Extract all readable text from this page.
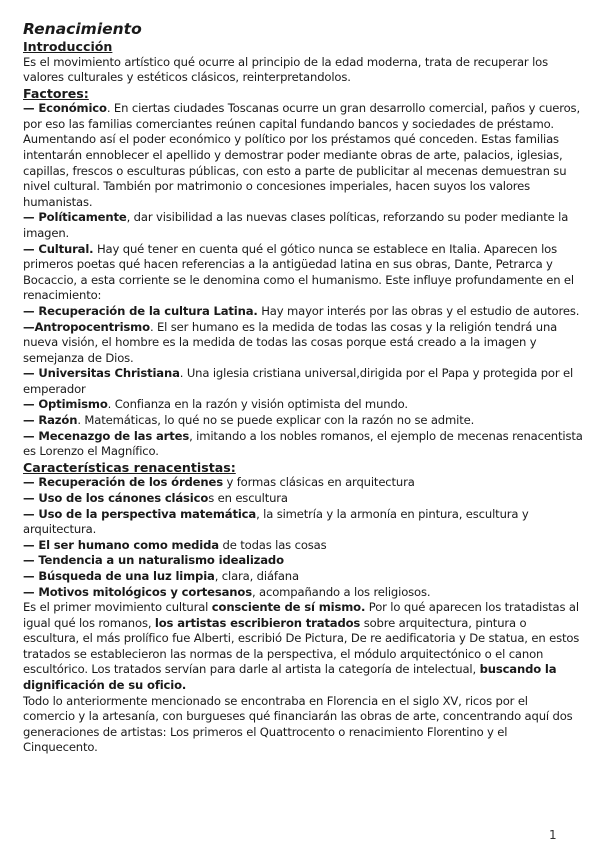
Renacimiento
Introducción

Es el movimiento artístico qué ocurre al principio de la edad moderna, trata de recuperar los valores culturales y estéticos clásicos, reinterpretandolos.

Factores:

— Económico. En ciertas ciudades Toscanas ocurre un gran desarrollo comercial, paños y cueros, por eso las familias comerciantes reúnen capital fundando bancos y sociedades de préstamo. Aumentando así el poder económico y político por los préstamos qué conceden. Estas familias intentarán ennoblecer el apellido y demostrar poder mediante obras de arte, palacios, iglesias, capillas, frescos o esculturas públicas, con esto a parte de publicitar al mecenas demuestran su nivel cultural. También por matrimonio o concesiones imperiales, hacen suyos los valores humanistas.

— Políticamente, dar visibilidad a las nuevas clases políticas, reforzando su poder mediante la imagen.

— Cultural. Hay qué tener en cuenta qué el gótico nunca se establece en Italia. Aparecen los primeros poetas qué hacen referencias a la antigüedad latina en sus obras, Dante, Petrarca y Bocaccio, a esta corriente se le denomina como el humanismo. Este influye profundamente en el renacimiento:

— Recuperación de la cultura Latina. Hay mayor interés por las obras y el estudio de autores.

—Antropocentrismo. El ser humano es la medida de todas las cosas y la religión tendrá una nueva visión, el hombre es la medida de todas las cosas porque está creado a la imagen y semejanza de Dios.

— Universitas Christiana. Una iglesia cristiana universal,dirigida por el Papa y protegida por el emperador

— Optimismo. Confianza en la razón y visión optimista del mundo.

— Razón. Matemáticas, lo qué no se puede explicar con la razón no se admite.

— Mecenazgo de las artes, imitando a los nobles romanos, el ejemplo de mecenas renacentista es Lorenzo el Magnífico.

Características renacentistas:

— Recuperación de los órdenes y formas clásicas en arquitectura

— Uso de los cánones clásicos en escultura

— Uso de la perspectiva matemática, la simetría y la armonía en pintura, escultura y arquitectura.

— El ser humano como medida de todas las cosas

— Tendencia a un naturalismo idealizado

— Búsqueda de una luz limpia, clara, diáfana

— Motivos mitológicos y cortesanos, acompañando a los religiosos.

Es el primer movimiento cultural consciente de sí mismo. Por lo qué aparecen los tratadistas al igual qué los romanos, los artistas escribieron tratados sobre arquitectura, pintura o escultura, el más prolífico fue Alberti, escribió De Pictura, De re aedificatoria y De statua, en estos tratados se establecieron las normas de la perspectiva, el módulo arquitectónico o el canon escultórico. Los tratados servían para darle al artista la categoría de intelectual, buscando la dignificación de su oficio.

Todo lo anteriormente mencionado se encontraba en Florencia en el siglo XV, ricos por el comercio y la artesanía, con burgueses qué financiarán las obras de arte, concentrando aquí dos generaciones de artistas: Los primeros el Quattrocento o renacimiento Florentino y el Cinquecento.

1
